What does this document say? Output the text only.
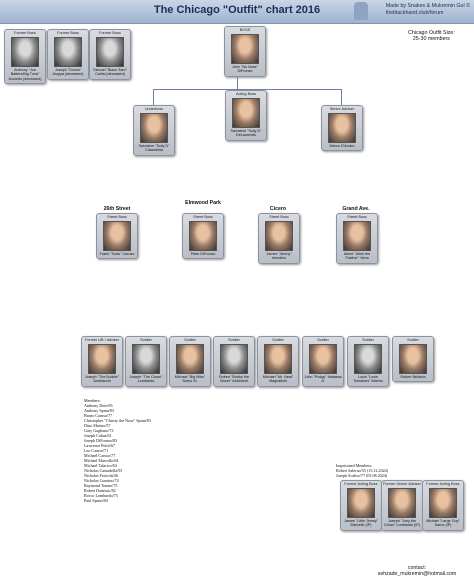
The Chicago "Outfit" chart 2016	Made by Snakes & Mukremin Gul ©
theblackhand.club/forum
Chicago Outfit Size:
25-30 members
Former Boss
Anthony "Joe Batters/Big Tuna" Accardo (deceased)
Former Boss
Joseph "Doves" Aiuppa (deceased)
Former Boss
Samuel "Black Sam" Carlisi (deceased)
BOSS
John "No Nose" DiFronzo
Underboss
Salvatore "Solly D" Cataudella
Acting Boss
Salvatore "Solly D" DeLaurentis
Senior Adviser
Marco D'Amico
26th Street
Elmwood Park
Cicero	Grand Ave.
Street Boss
Frank "Toots" Caruso
Street Boss
Peter DiFronzo
Street Boss
James "Jimmy" Inendino
Street Boss
Albert "Albie the Falcher" Vena
Former UB / adviser
Joseph "The Builder" Andriacchi
Soldier
Joseph "The Clown" Lombardo
Soldier
Michael "Big Mike" Sarno Sr.
Soldier
Robert "Bobby the Boxer" Abbinanti
Soldier
Michael "Mr. Neat" Magnafichi
Soldier
John "Pudgy" Matassa Jr.
Soldier
Louis "Louie Tomatoes" Marino
Soldier
Robert Bellavia
Members:
Anthony Dote/83
Anthony Spina/83
Bruno Caruso/77
Christopher "Christy the Nose" Spina/83
Dino Marino/57
Gary Gagliano/73
Joseph Cobas/61
Joseph DiFronzo/83
Lawrence Pettit/67
Leo Caruso/71
Michael Caruso/77
Michael Marcello/64
Michael Talarico/63
Nicholas Cataudella/55
Nicholas Ferriola/46
Nicholas Guzzino/74
Raymond Tenuto/75
Robert Dominic/82
Rocco Lombardo/75
Paul Spano/84
Imprisoned Members:
Robert Salerno/55 (15.12.2024)
Joseph Scalise/77 (05.08.2024)
Former Acting Boss
James "Little Jimmy" Marcello (IP)
Former Senior Adviser
Joseph "Joey the Clown" Lombardo (IP)
Former Acting Boss
Michael "Large Guy" Sarno (IP)
contact:
sehzade_mukremin@hotmail.com
